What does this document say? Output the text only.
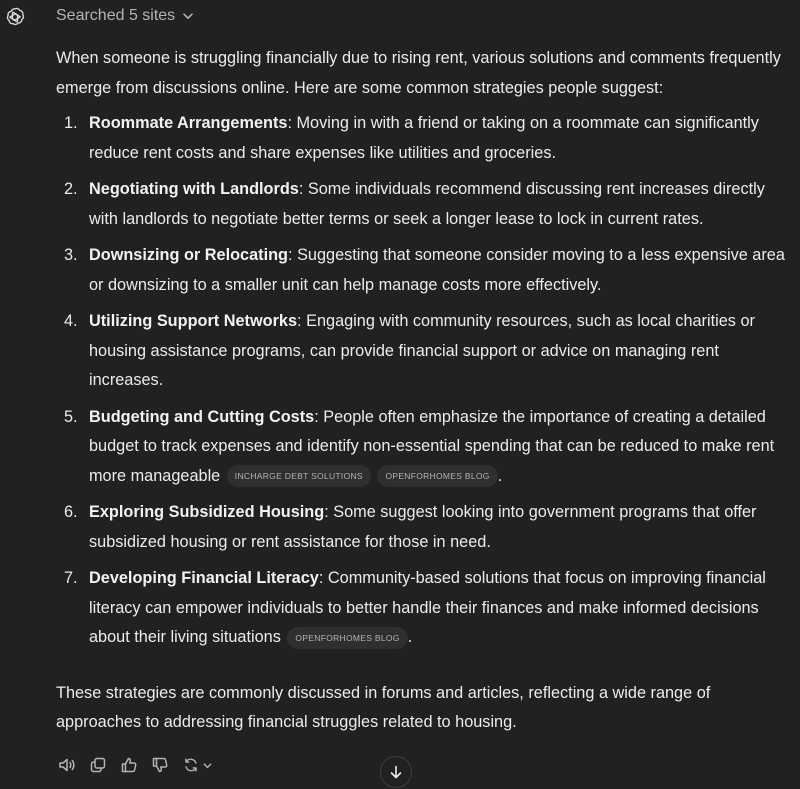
Searched 5 sites

When someone is struggling financially due to rising rent, various solutions and comments frequently emerge from discussions online. Here are some common strategies people suggest:

1. Roommate Arrangements: Moving in with a friend or taking on a roommate can significantly reduce rent costs and share expenses like utilities and groceries.
2. Negotiating with Landlords: Some individuals recommend discussing rent increases directly with landlords to negotiate better terms or seek a longer lease to lock in current rates.
3. Downsizing or Relocating: Suggesting that someone consider moving to a less expensive area or downsizing to a smaller unit can help manage costs more effectively.
4. Utilizing Support Networks: Engaging with community resources, such as local charities or housing assistance programs, can provide financial support or advice on managing rent increases.
5. Budgeting and Cutting Costs: People often emphasize the importance of creating a detailed budget to track expenses and identify non-essential spending that can be reduced to make rent more manageable INCHARGE DEBT SOLUTIONS	OPENFORHOMES BLOG .
6. Exploring Subsidized Housing: Some suggest looking into government programs that offer subsidized housing or rent assistance for those in need.
7. Developing Financial Literacy: Community-based solutions that focus on improving financial literacy can empower individuals to better handle their finances and make informed decisions about their living situations OPENFORHOMES BLOG .

These strategies are commonly discussed in forums and articles, reflecting a wide range of approaches to addressing financial struggles related to housing.
